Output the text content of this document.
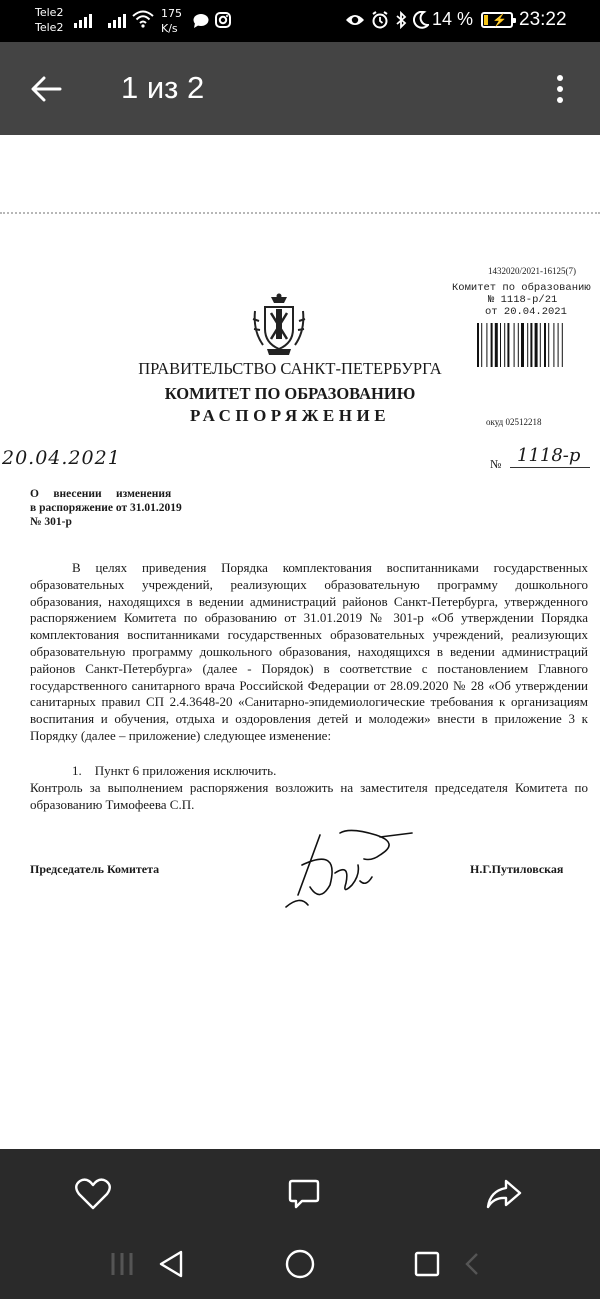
Tele2
Tele2
175
K/s	14 % ⚡ 23:22
1 из 2
1432020/2021-16125(7)
Комитет по образованию
№ 1118-р/21
от 20.04.2021
ПРАВИТЕЛЬСТВО САНКТ-ПЕТЕРБУРГА
КОМИТЕТ ПО ОБРАЗОВАНИЮ
РАСПОРЯЖЕНИЕ	окуд 02512218
20.04.2021	№ 1118-р
О     внесении     изменения
в распоряжение от 31.01.2019
№ 301-р
В целях приведения Порядка комплектования воспитанниками государственных образовательных учреждений, реализующих образовательную программу дошкольного образования, находящихся в ведении администраций районов Санкт-Петербурга, утвержденного распоряжением Комитета по образованию от 31.01.2019 № 301-р «Об утверждении Порядка комплектования воспитанниками государственных образовательных учреждений, реализующих образовательную программу дошкольного образования, находящихся в ведении администраций районов Санкт-Петербурга» (далее - Порядок) в соответствие с постановлением Главного государственного санитарного врача Российской Федерации от 28.09.2020 № 28 «Об утверждении санитарных правил СП 2.4.3648-20 «Санитарно-эпидемиологические требования к организациям воспитания и обучения, отдыха и оздоровления детей и молодежи» внести в приложение 3 к Порядку (далее – приложение) следующее изменение:
1.    Пункт 6 приложения исключить.
Контроль за выполнением распоряжения возложить на заместителя председателя Комитета по образованию Тимофеева С.П.
Председатель Комитета	Н.Г.Путиловская
